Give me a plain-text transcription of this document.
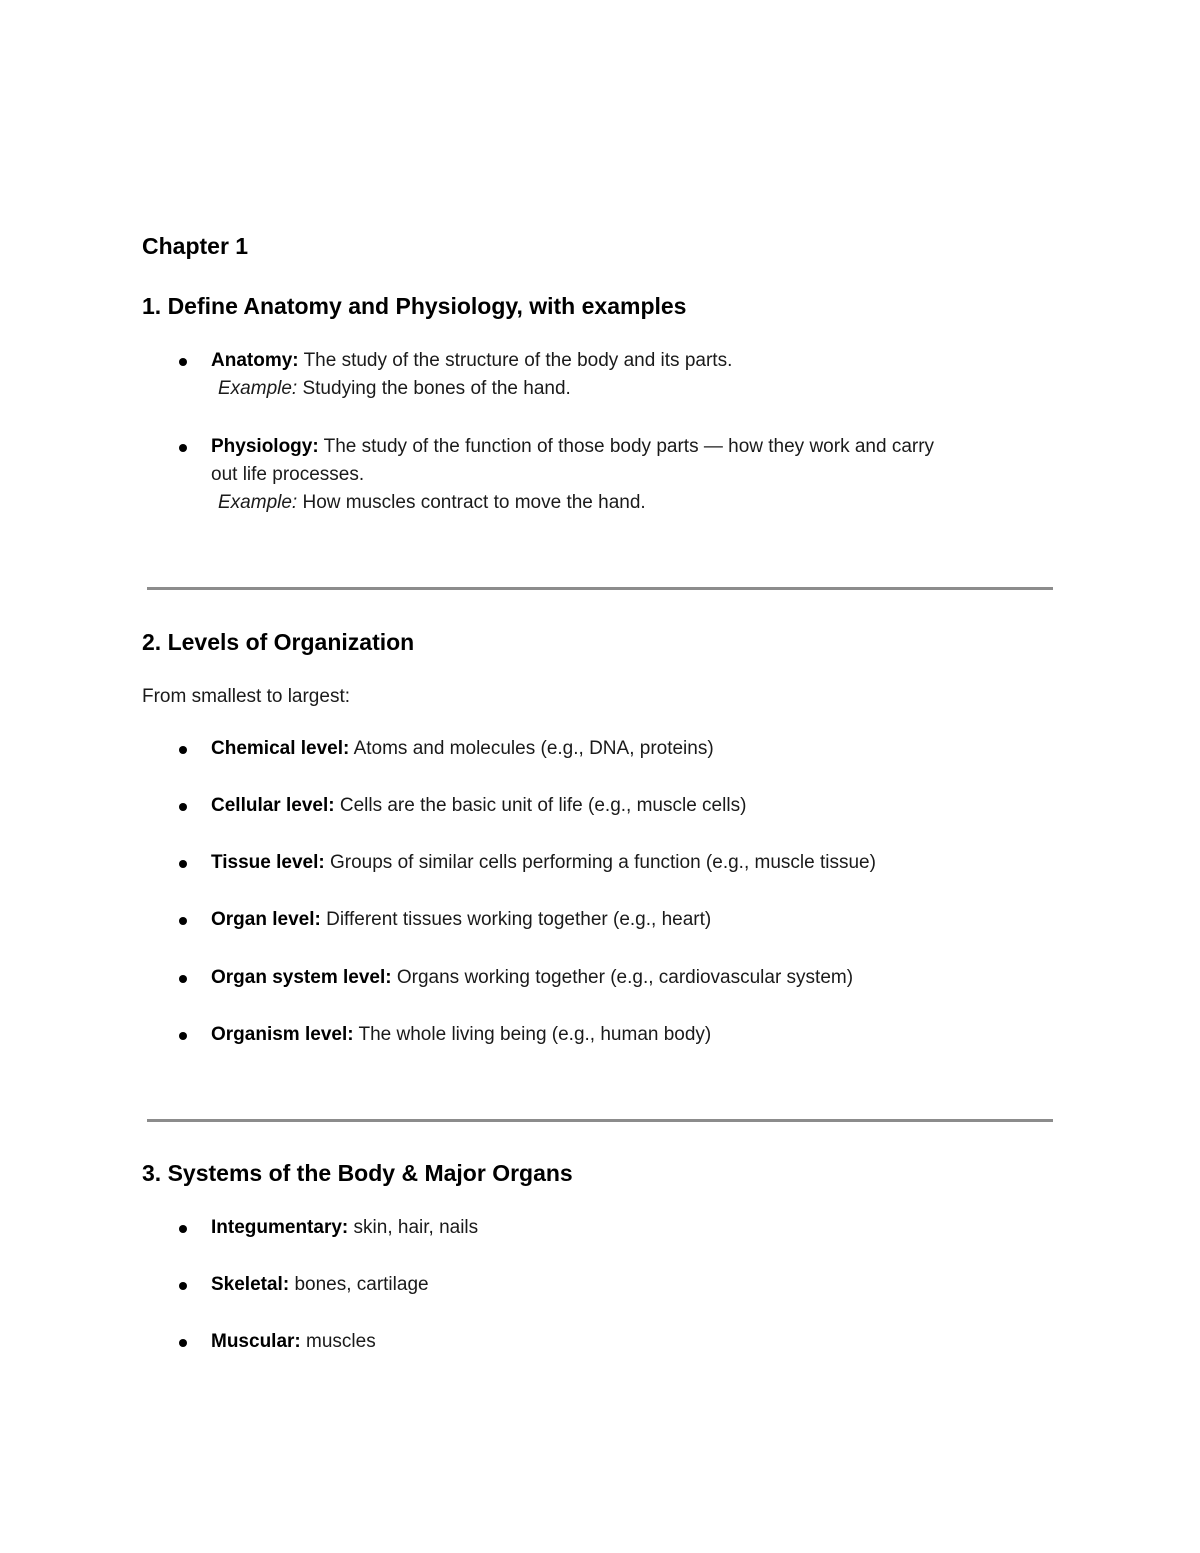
Chapter 1
1. Define Anatomy and Physiology, with examples
Anatomy: The study of the structure of the body and its parts.
Example: Studying the bones of the hand.
Physiology: The study of the function of those body parts — how they work and carry
out life processes.
Example: How muscles contract to move the hand.
2. Levels of Organization
From smallest to largest:
Chemical level: Atoms and molecules (e.g., DNA, proteins)
Cellular level: Cells are the basic unit of life (e.g., muscle cells)
Tissue level: Groups of similar cells performing a function (e.g., muscle tissue)
Organ level: Different tissues working together (e.g., heart)
Organ system level: Organs working together (e.g., cardiovascular system)
Organism level: The whole living being (e.g., human body)
3. Systems of the Body & Major Organs
Integumentary: skin, hair, nails
Skeletal: bones, cartilage
Muscular: muscles
